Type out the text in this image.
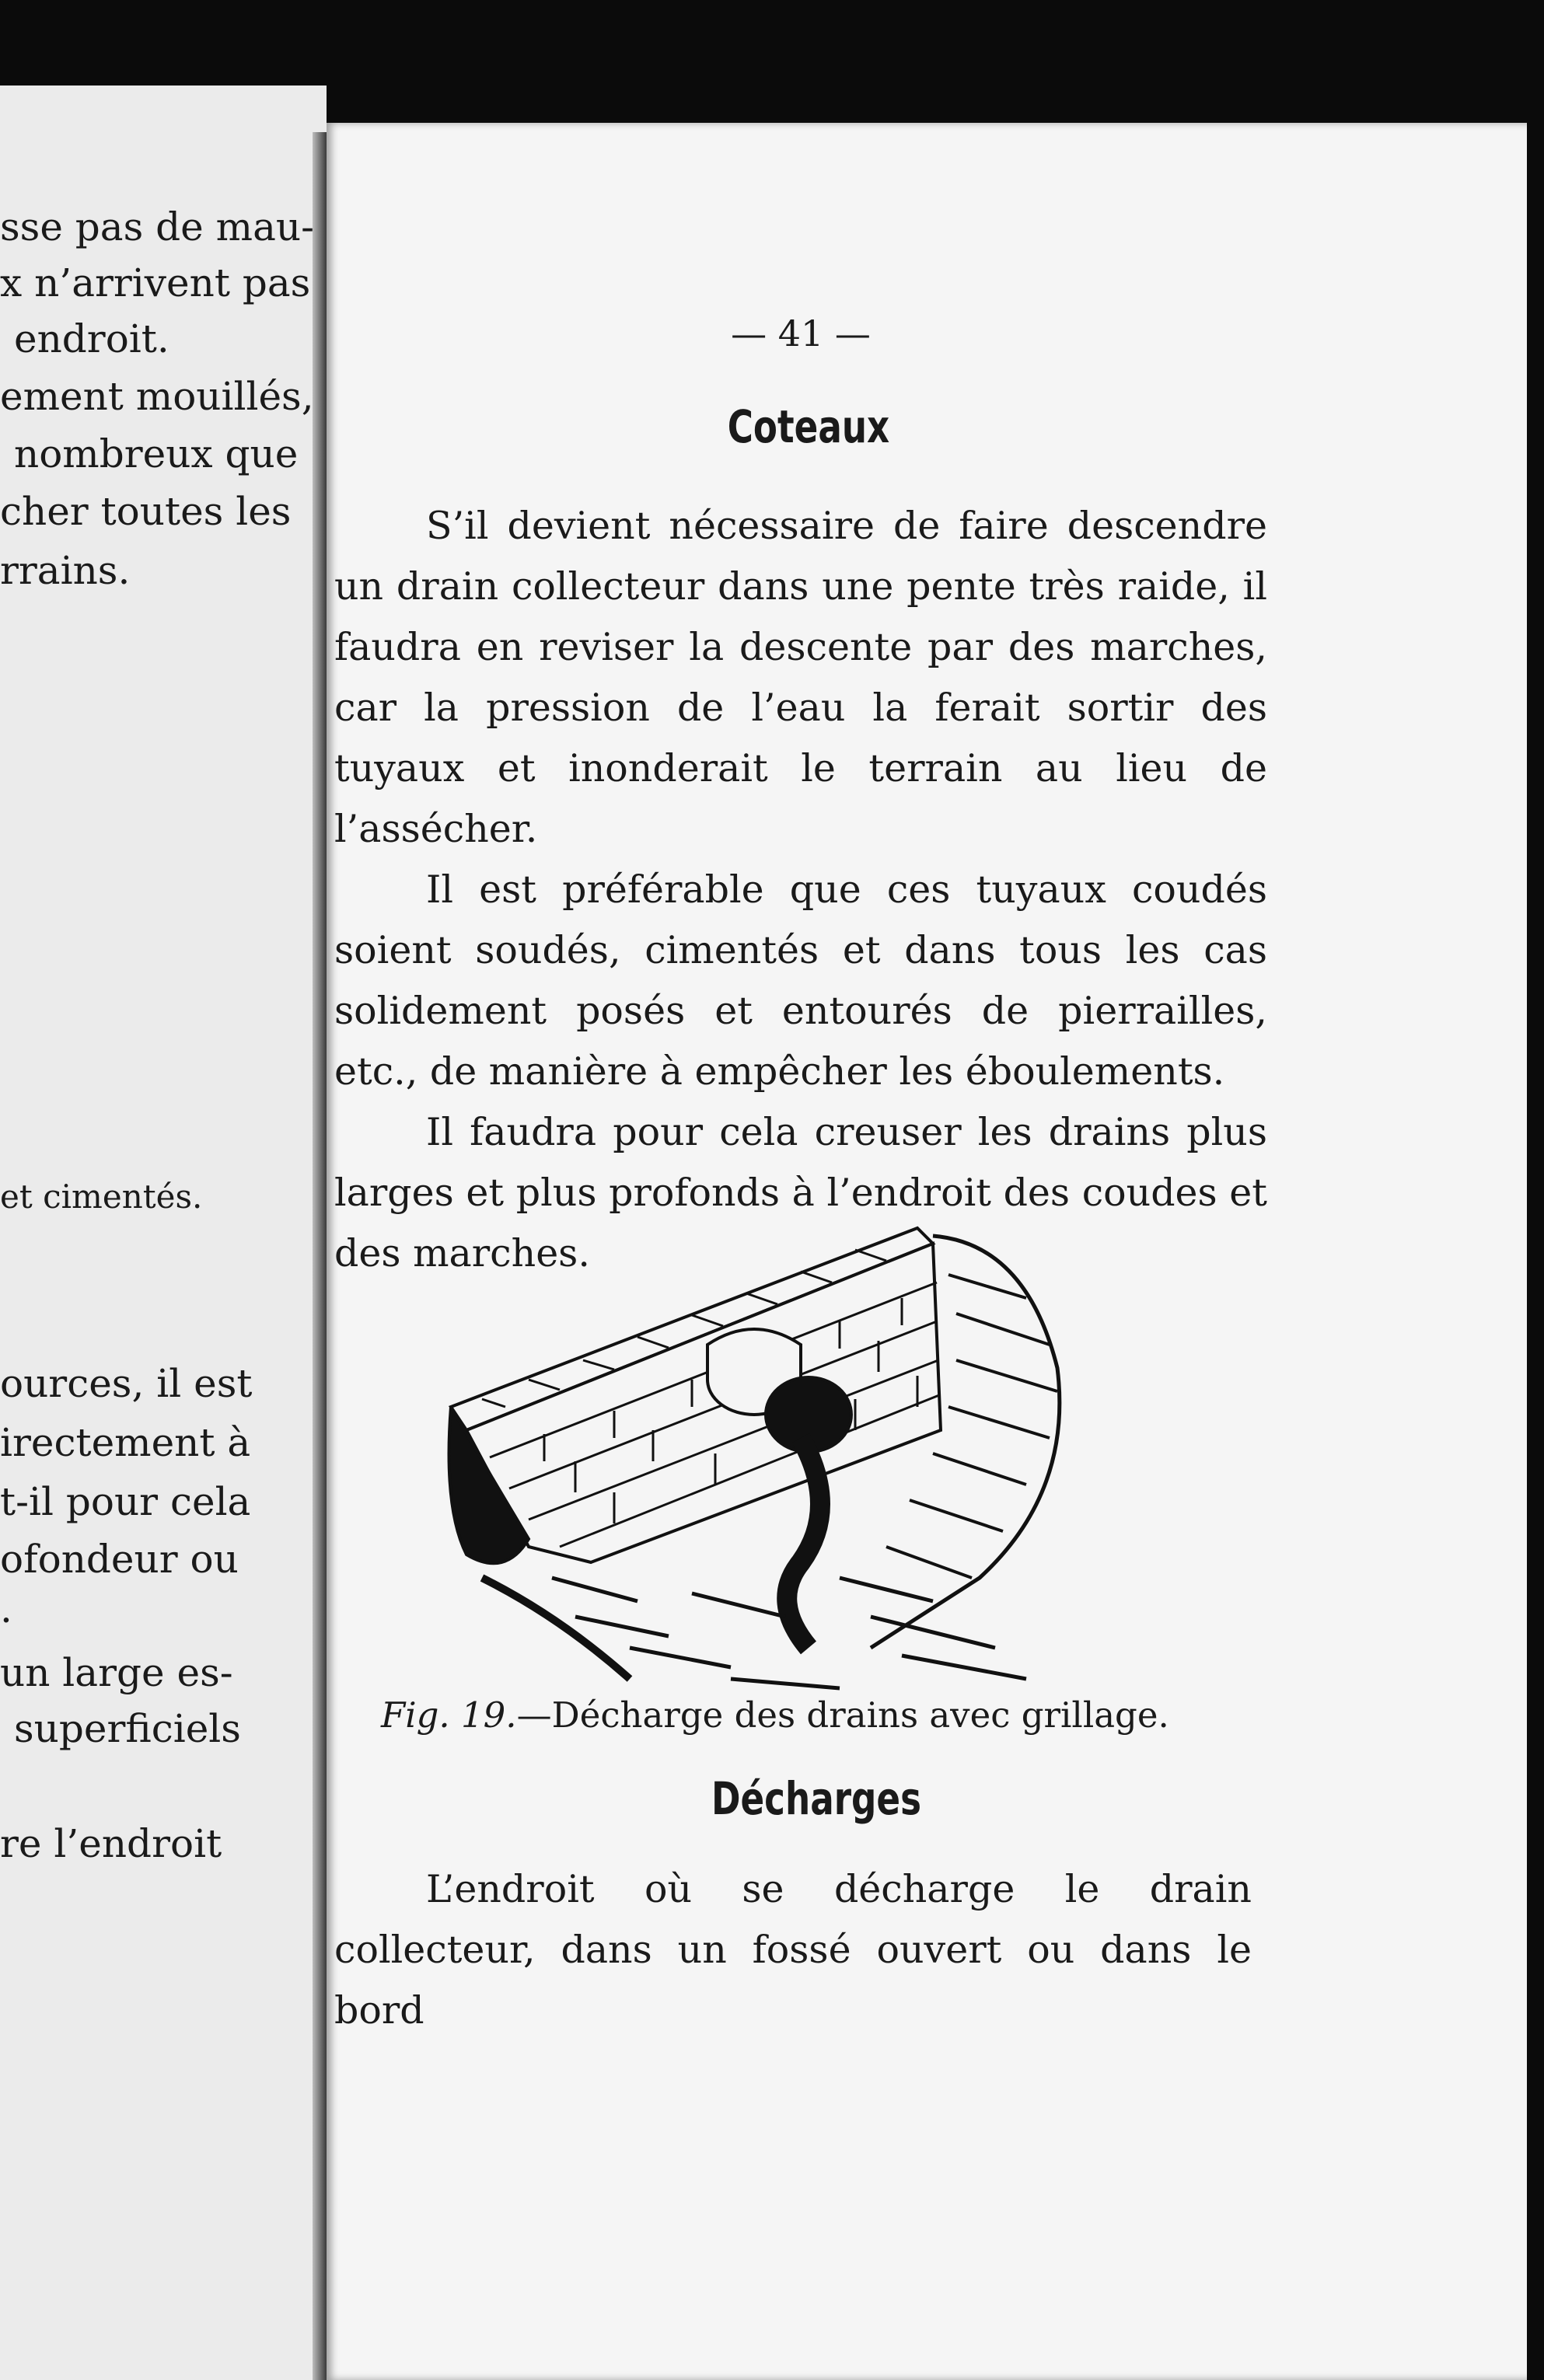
sse pas de mau-
x n’arrivent pas
endroit.
ement mouillés,
nombreux que
cher toutes les
rrains.
et cimentés.
ources, il est
irectement à
t-il pour cela
ofondeur ou
.
un large es-
superficiels
re l’endroit
— 41 —
Coteaux

S’il devient nécessaire de faire descendre un drain collecteur dans une pente très raide, il faudra en reviser la descente par des marches, car la pression de l’eau la ferait sortir des tuyaux et inonderait le terrain au lieu de l’assécher.

Il est préférable que ces tuyaux coudés soient soudés, cimentés et dans tous les cas solidement posés et entourés de pierrailles, etc., de manière à empêcher les éboulements.

Il faudra pour cela creuser les drains plus larges et plus profonds à l’endroit des coudes et des marches.

Fig. 19.—Décharge des drains avec grillage.
Décharges

L’endroit où se décharge le drain collecteur, dans un fossé ouvert ou dans le bord
